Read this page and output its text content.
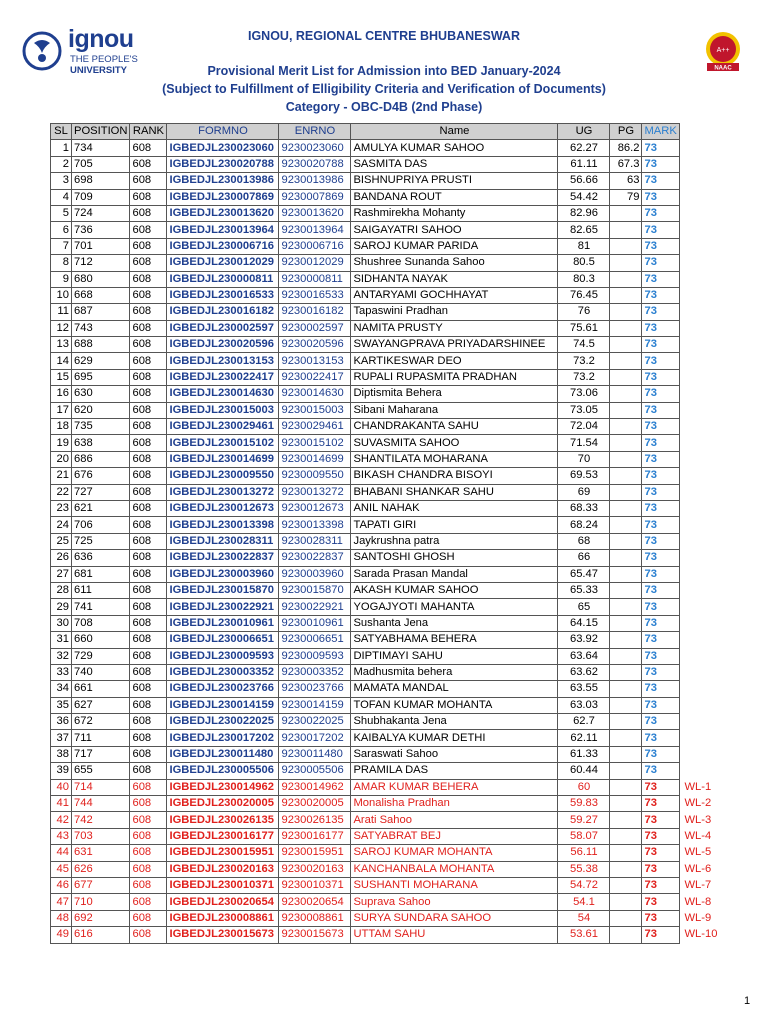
ignou
THE PEOPLE'S
UNIVERSITY
A++
NAAC
IGNOU, REGIONAL CENTRE BHUBANESWAR
Provisional Merit List for Admission into BED January-2024
(Subject to Fulfillment of Elligibility Criteria and Verification of Documents)
Category - OBC-D4B (2nd Phase)
SL	POSITION	RANK	FORMNO	ENRNO	Name	UG	PG	MARK	
1	734	608	IGBEDJL230023060	9230023060	AMULYA KUMAR SAHOO	62.27	86.2	73	
2	705	608	IGBEDJL230020788	9230020788	SASMITA DAS	61.11	67.3	73	
3	698	608	IGBEDJL230013986	9230013986	BISHNUPRIYA PRUSTI	56.66	63	73	
4	709	608	IGBEDJL230007869	9230007869	BANDANA ROUT	54.42	79	73	
5	724	608	IGBEDJL230013620	9230013620	Rashmirekha Mohanty	82.96		73	
6	736	608	IGBEDJL230013964	9230013964	SAIGAYATRI SAHOO	82.65		73	
7	701	608	IGBEDJL230006716	9230006716	SAROJ KUMAR PARIDA	81		73	
8	712	608	IGBEDJL230012029	9230012029	Shushree Sunanda Sahoo	80.5		73	
9	680	608	IGBEDJL230000811	9230000811	SIDHANTA NAYAK	80.3		73	
10	668	608	IGBEDJL230016533	9230016533	ANTARYAMI GOCHHAYAT	76.45		73	
11	687	608	IGBEDJL230016182	9230016182	Tapaswini Pradhan	76		73	
12	743	608	IGBEDJL230002597	9230002597	NAMITA PRUSTY	75.61		73	
13	688	608	IGBEDJL230020596	9230020596	SWAYANGPRAVA PRIYADARSHINEE	74.5		73	
14	629	608	IGBEDJL230013153	9230013153	KARTIKESWAR DEO	73.2		73	
15	695	608	IGBEDJL230022417	9230022417	RUPALI RUPASMITA PRADHAN	73.2		73	
16	630	608	IGBEDJL230014630	9230014630	Diptismita Behera	73.06		73	
17	620	608	IGBEDJL230015003	9230015003	Sibani Maharana	73.05		73	
18	735	608	IGBEDJL230029461	9230029461	CHANDRAKANTA SAHU	72.04		73	
19	638	608	IGBEDJL230015102	9230015102	SUVASMITA SAHOO	71.54		73	
20	686	608	IGBEDJL230014699	9230014699	SHANTILATA MOHARANA	70		73	
21	676	608	IGBEDJL230009550	9230009550	BIKASH CHANDRA BISOYI	69.53		73	
22	727	608	IGBEDJL230013272	9230013272	BHABANI SHANKAR SAHU	69		73	
23	621	608	IGBEDJL230012673	9230012673	ANIL NAHAK	68.33		73	
24	706	608	IGBEDJL230013398	9230013398	TAPATI GIRI	68.24		73	
25	725	608	IGBEDJL230028311	9230028311	Jaykrushna patra	68		73	
26	636	608	IGBEDJL230022837	9230022837	SANTOSHI GHOSH	66		73	
27	681	608	IGBEDJL230003960	9230003960	Sarada Prasan Mandal	65.47		73	
28	611	608	IGBEDJL230015870	9230015870	AKASH KUMAR SAHOO	65.33		73	
29	741	608	IGBEDJL230022921	9230022921	YOGAJYOTI MAHANTA	65		73	
30	708	608	IGBEDJL230010961	9230010961	Sushanta Jena	64.15		73	
31	660	608	IGBEDJL230006651	9230006651	SATYABHAMA BEHERA	63.92		73	
32	729	608	IGBEDJL230009593	9230009593	DIPTIMAYI SAHU	63.64		73	
33	740	608	IGBEDJL230003352	9230003352	Madhusmita behera	63.62		73	
34	661	608	IGBEDJL230023766	9230023766	MAMATA MANDAL	63.55		73	
35	627	608	IGBEDJL230014159	9230014159	TOFAN KUMAR MOHANTA	63.03		73	
36	672	608	IGBEDJL230022025	9230022025	Shubhakanta Jena	62.7		73	
37	711	608	IGBEDJL230017202	9230017202	KAIBALYA KUMAR DETHI	62.11		73	
38	717	608	IGBEDJL230011480	9230011480	Saraswati Sahoo	61.33		73	
39	655	608	IGBEDJL230005506	9230005506	PRAMILA DAS	60.44		73	
40	714	608	IGBEDJL230014962	9230014962	AMAR KUMAR BEHERA	60		73	WL-1
41	744	608	IGBEDJL230020005	9230020005	Monalisha Pradhan	59.83		73	WL-2
42	742	608	IGBEDJL230026135	9230026135	Arati Sahoo	59.27		73	WL-3
43	703	608	IGBEDJL230016177	9230016177	SATYABRAT BEJ	58.07		73	WL-4
44	631	608	IGBEDJL230015951	9230015951	SAROJ KUMAR MOHANTA	56.11		73	WL-5
45	626	608	IGBEDJL230020163	9230020163	KANCHANBALA MOHANTA	55.38		73	WL-6
46	677	608	IGBEDJL230010371	9230010371	SUSHANTI MOHARANA	54.72		73	WL-7
47	710	608	IGBEDJL230020654	9230020654	Suprava Sahoo	54.1		73	WL-8
48	692	608	IGBEDJL230008861	9230008861	SURYA SUNDARA SAHOO	54		73	WL-9
49	616	608	IGBEDJL230015673	9230015673	UTTAM SAHU	53.61		73	WL-10
1
